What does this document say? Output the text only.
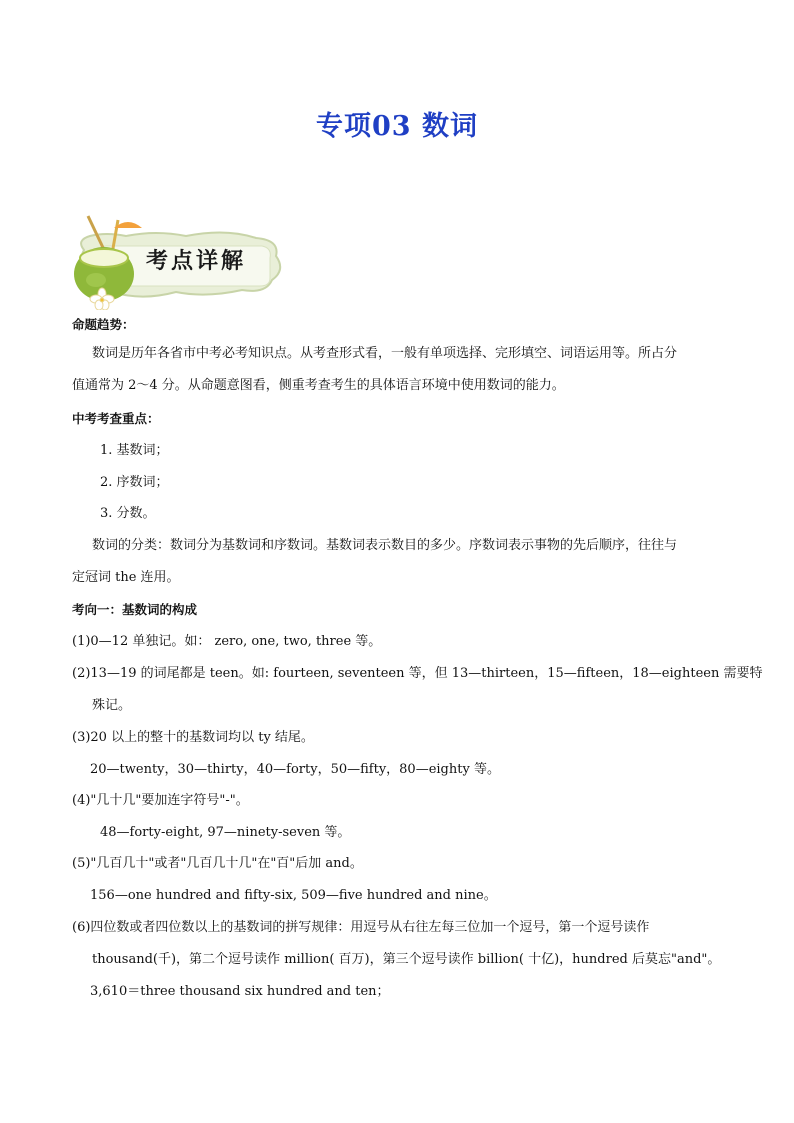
专项03 数词
考点详解
命题趋势：
数词是历年各省市中考必考知识点。从考查形式看，一般有单项选择、完形填空、词语运用等。所占分
值通常为 2～4 分。从命题意图看，侧重考查考生的具体语言环境中使用数词的能力。
中考考查重点：
1. 基数词；
2. 序数词；
3. 分数。
数词的分类：数词分为基数词和序数词。基数词表示数目的多少。序数词表示事物的先后顺序，往往与
定冠词 the 连用。
考向一：基数词的构成
(1)0—12 单独记。如： zero, one, two, three 等。
(2)13—19 的词尾都是 teen。如: fourteen, seventeen 等，但 13—thirteen，15—fifteen，18—eighteen 需要特
殊记。
(3)20 以上的整十的基数词均以 ty 结尾。
20—twenty，30—thirty，40—forty，50—fifty，80—eighty 等。
(4)"几十几"要加连字符号"-"。
48—forty-eight, 97—ninety-seven 等。
(5)"几百几十"或者"几百几十几"在"百"后加 and。
156—one hundred and fifty-six, 509—five hundred and nine。
(6)四位数或者四位数以上的基数词的拼写规律：用逗号从右往左每三位加一个逗号，第一个逗号读作
thousand(千)，第二个逗号读作 million( 百万)，第三个逗号读作 billion( 十亿)，hundred 后莫忘"and"。
3,610＝three thousand six hundred and ten；
